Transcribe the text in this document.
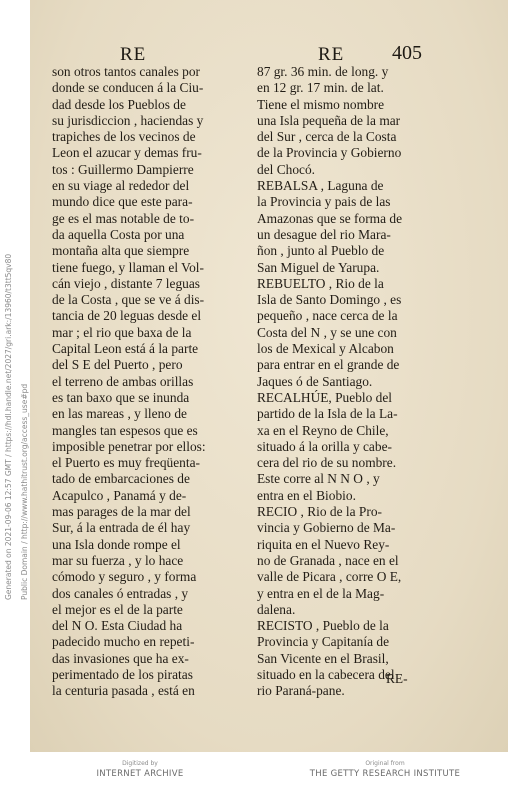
RE	RE 405
son otros tantos canales por
donde se conducen á la Ciu-
dad desde los Pueblos de
su jurisdiccion , haciendas y
trapiches de los vecinos de
Leon el azucar y demas fru-
tos : Guillermo Dampierre
en su viage al rededor del
mundo dice que este para-
ge es el mas notable de to-
da aquella Costa por una
montaña alta que siempre
tiene fuego, y llaman el Vol-
cán viejo , distante 7 leguas
de la Costa , que se ve á dis-
tancia de 20 leguas desde el
mar ; el rio que baxa de la
Capital Leon está á la parte
del S E del Puerto , pero
el terreno de ambas orillas
es tan baxo que se inunda
en las mareas , y lleno de
mangles tan espesos que es
imposible penetrar por ellos:
el Puerto es muy freqüenta-
tado de embarcaciones de
Acapulco , Panamá y de-
mas parages de la mar del
Sur, á la entrada de él hay
una Isla donde rompe el
mar su fuerza , y lo hace
cómodo y seguro , y forma
dos canales ó entradas , y
el mejor es el de la parte
del N O. Esta Ciudad ha
padecido mucho en repeti-
das invasiones que ha ex-
perimentado de los piratas
la centuria pasada , está en
87 gr. 36 min. de long. y
en 12 gr. 17 min. de lat.
Tiene el mismo nombre
una Isla pequeña de la mar
del Sur , cerca de la Costa
de la Provincia y Gobierno
del Chocó.
REBALSA , Laguna de
la Provincia y pais de las
Amazonas que se forma de
un desague del rio Mara-
ñon , junto al Pueblo de
San Miguel de Yarupa.
REBUELTO , Rio de la
Isla de Santo Domingo , es
pequeño , nace cerca de la
Costa del N , y se une con
los de Mexical y Alcabon
para entrar en el grande de
Jaques ó de Santiago.
RECALHÚE, Pueblo del
partido de la Isla de la La-
xa en el Reyno de Chile,
situado á la orilla y cabe-
cera del rio de su nombre.
Este corre al N N O , y
entra en el Biobio.
RECIO , Rio de la Pro-
vincia y Gobierno de Ma-
riquita en el Nuevo Rey-
no de Granada , nace en el
valle de Picara , corre O E,
y entra en el de la Mag-
dalena.
RECISTO , Pueblo de la
Provincia y Capitanía de
San Vicente en el Brasil,
situado en la cabecera del
rio Paraná-pane.
RE-
Generated on 2021-09-06 12:57 GMT / https://hdl.handle.net/2027/gri.ark:/13960/t3tt5qv80 Public Domain / http://www.hathitrust.org/access_use#pd
Digitized by
INTERNET ARCHIVE
Original from
THE GETTY RESEARCH INSTITUTE
